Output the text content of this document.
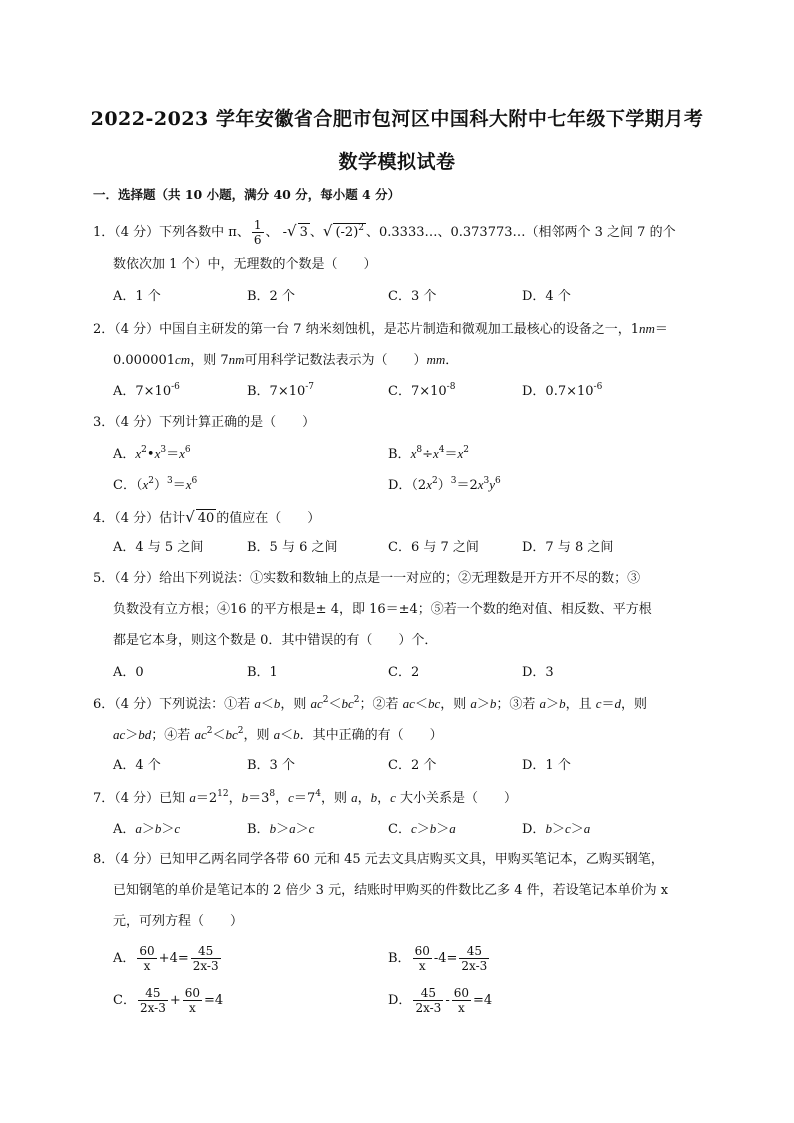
2022-2023 学年安徽省合肥市包河区中国科大附中七年级下学期月考
数学模拟试卷
一．选择题（共 10 小题，满分 40 分，每小题 4 分）
1．（4 分）下列各数中 π、 $\frac{1}{6}$ 、 -√ 3 、√ $(-2)^2$ 、0.3333…、0.373773…（相邻两个 3 之间 7 的个
数依次加 1 个）中，无理数的个数是（　　）
A．1 个	B．2 个	C．3 个	D．4 个
2．（4 分）中国自主研发的第一台 7 纳米刻蚀机，是芯片制造和微观加工最核心的设备之一，1nm＝
0.000001cm，则 7nm可用科学记数法表示为（　　）mm．
A．$7\times 10^{-6}$	B．$7\times 10^{-7}$	C．$7\times 10^{-8}$	D．$0.7\times 10^{-6}$
3．（4 分）下列计算正确的是（　　）
A．$x^2•x^3=x^6$	B．$x^8\div x^4=x^2$
C．$(x^2)^3=x^6$	D．$(2x^2)^3=2x^3y^6$
4．（4 分）估计√ 40 的值应在（　　）
A．4 与 5 之间	B．5 与 6 之间	C．6 与 7 之间	D．7 与 8 之间
5．（4 分）给出下列说法：①实数和数轴上的点是一一对应的；②无理数是开方开不尽的数；③
负数没有立方根；④16 的平方根是± 4，即 16＝±4；⑤若一个数的绝对值、相反数、平方根
都是它本身，则这个数是 0．其中错误的有（　　）个．
A．0	B．1	C．2	D．3
6．（4 分）下列说法：①若 a＜b，则 $ac^2<bc^2$；②若 ac＜bc，则 a＞b；③若 a＞b，且 c＝d，则
ac＞bd；④若 $ac^2<bc^2$，则 a＜b．其中正确的有（　　）
A．4 个	B．3 个	C．2 个	D．1 个
7．（4 分）已知 $a=2^{12}$，$b=3^8$，$c=7^4$，则 a，b，c 大小关系是（　　）
A．a＞b＞c	B．b＞a＞c	C．c＞b＞a	D．b＞c＞a
8．（4 分）已知甲乙两名同学各带 60 元和 45 元去文具店购买文具，甲购买笔记本，乙购买钢笔，
已知钢笔的单价是笔记本的 2 倍少 3 元，结账时甲购买的件数比乙多 4 件，若设笔记本单价为 x
元，可列方程（　　）
A． $\frac{60}{x} +4= \frac{45}{2x-3}$	B． $\frac{60}{x} -4= \frac{45}{2x-3}$
C． $\frac{45}{2x-3} + \frac{60}{x} =4$	D． $\frac{45}{2x-3} - \frac{60}{x} =4$
